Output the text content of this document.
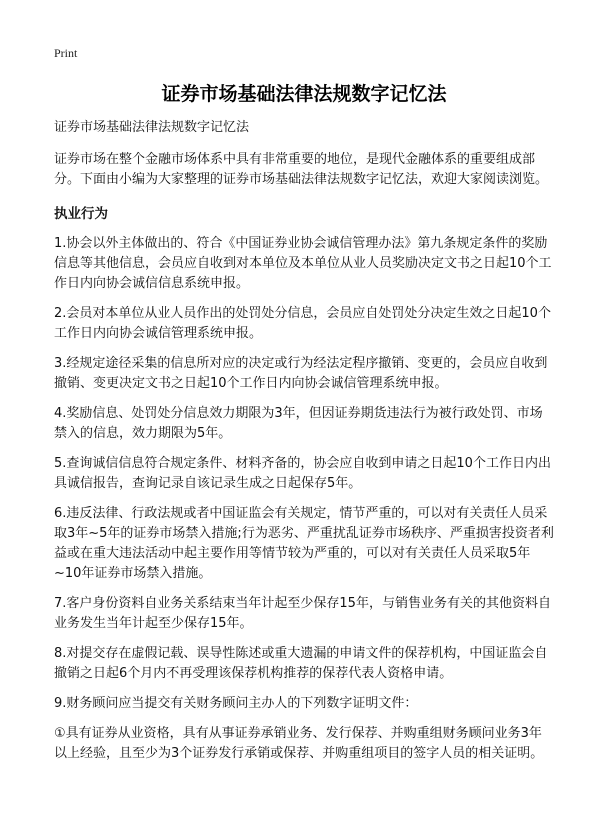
Print
证券市场基础法律法规数字记忆法

证券市场基础法律法规数字记忆法

证券市场在整个金融市场体系中具有非常重要的地位，是现代金融体系的重要组成部分。下面由小编为大家整理的证券市场基础法律法规数字记忆法，欢迎大家阅读浏览。

执业行为

1.协会以外主体做出的、符合《中国证券业协会诚信管理办法》第九条规定条件的奖励信息等其他信息，会员应自收到对本单位及本单位从业人员奖励决定文书之日起10个工作日内向协会诚信信息系统申报。

2.会员对本单位从业人员作出的处罚处分信息，会员应自处罚处分决定生效之日起10个工作日内向协会诚信管理系统申报。

3.经规定途径采集的信息所对应的决定或行为经法定程序撤销、变更的，会员应自收到撤销、变更决定文书之日起10个工作日内向协会诚信管理系统申报。

4.奖励信息、处罚处分信息效力期限为3年，但因证券期货违法行为被行政处罚、市场禁入的信息，效力期限为5年。

5.查询诚信信息符合规定条件、材料齐备的，协会应自收到申请之日起10个工作日内出具诚信报告，查询记录自该记录生成之日起保存5年。

6.违反法律、行政法规或者中国证监会有关规定，情节严重的，可以对有关责任人员采取3年~5年的证券市场禁入措施;行为恶劣、严重扰乱证券市场秩序、严重损害投资者利益或在重大违法活动中起主要作用等情节较为严重的，可以对有关责任人员采取5年~10年证券市场禁入措施。

7.客户身份资料自业务关系结束当年计起至少保存15年，与销售业务有关的其他资料自业务发生当年计起至少保存15年。

8.对提交存在虚假记载、误导性陈述或重大遗漏的申请文件的保荐机构，中国证监会自撤销之日起6个月内不再受理该保荐机构推荐的保荐代表人资格申请。

9.财务顾问应当提交有关财务顾问主办人的下列数字证明文件：

①具有证券从业资格，具有从事证券承销业务、发行保荐、并购重组财务顾问业务3年以上经验，且至少为3个证券发行承销或保荐、并购重组项目的签字人员的相关证明。
